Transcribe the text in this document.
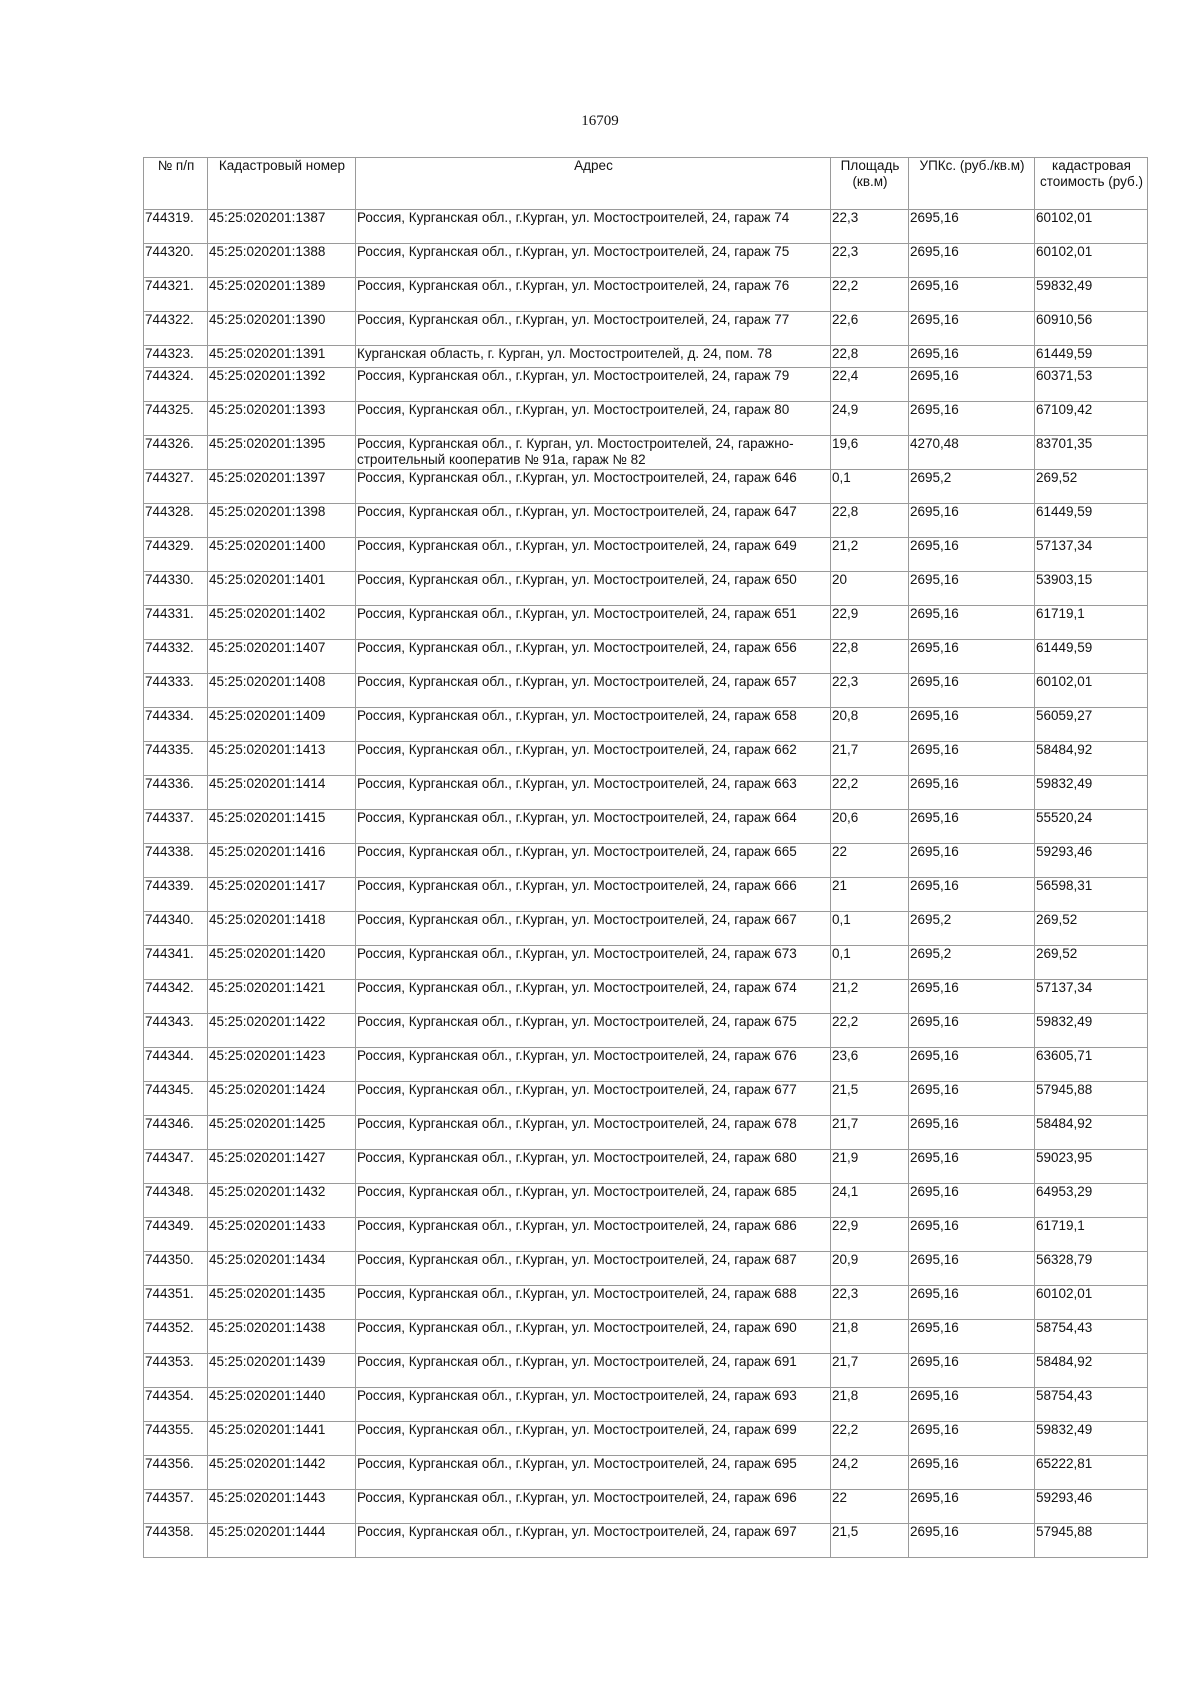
16709
№ п/п	Кадастровый номер	Адрес	Площадь (кв.м)	УПКс. (руб./кв.м)	кадастровая стоимость (руб.)
744319.	45:25:020201:1387	Россия, Курганская обл., г.Курган, ул. Мостостроителей, 24, гараж 74	22,3	2695,16	60102,01
744320.	45:25:020201:1388	Россия, Курганская обл., г.Курган, ул. Мостостроителей, 24, гараж 75	22,3	2695,16	60102,01
744321.	45:25:020201:1389	Россия, Курганская обл., г.Курган, ул. Мостостроителей, 24, гараж 76	22,2	2695,16	59832,49
744322.	45:25:020201:1390	Россия, Курганская обл., г.Курган, ул. Мостостроителей, 24, гараж 77	22,6	2695,16	60910,56
744323.	45:25:020201:1391	Курганская область, г. Курган, ул. Мостостроителей, д. 24, пом. 78	22,8	2695,16	61449,59
744324.	45:25:020201:1392	Россия, Курганская обл., г.Курган, ул. Мостостроителей, 24, гараж 79	22,4	2695,16	60371,53
744325.	45:25:020201:1393	Россия, Курганская обл., г.Курган, ул. Мостостроителей, 24, гараж 80	24,9	2695,16	67109,42
744326.	45:25:020201:1395	Россия, Курганская обл., г. Курган, ул. Мостостроителей, 24, гаражно-строительный кооператив № 91а, гараж № 82	19,6	4270,48	83701,35
744327.	45:25:020201:1397	Россия, Курганская обл., г.Курган, ул. Мостостроителей, 24, гараж 646	0,1	2695,2	269,52
744328.	45:25:020201:1398	Россия, Курганская обл., г.Курган, ул. Мостостроителей, 24, гараж 647	22,8	2695,16	61449,59
744329.	45:25:020201:1400	Россия, Курганская обл., г.Курган, ул. Мостостроителей, 24, гараж 649	21,2	2695,16	57137,34
744330.	45:25:020201:1401	Россия, Курганская обл., г.Курган, ул. Мостостроителей, 24, гараж 650	20	2695,16	53903,15
744331.	45:25:020201:1402	Россия, Курганская обл., г.Курган, ул. Мостостроителей, 24, гараж 651	22,9	2695,16	61719,1
744332.	45:25:020201:1407	Россия, Курганская обл., г.Курган, ул. Мостостроителей, 24, гараж 656	22,8	2695,16	61449,59
744333.	45:25:020201:1408	Россия, Курганская обл., г.Курган, ул. Мостостроителей, 24, гараж 657	22,3	2695,16	60102,01
744334.	45:25:020201:1409	Россия, Курганская обл., г.Курган, ул. Мостостроителей, 24, гараж 658	20,8	2695,16	56059,27
744335.	45:25:020201:1413	Россия, Курганская обл., г.Курган, ул. Мостостроителей, 24, гараж 662	21,7	2695,16	58484,92
744336.	45:25:020201:1414	Россия, Курганская обл., г.Курган, ул. Мостостроителей, 24, гараж 663	22,2	2695,16	59832,49
744337.	45:25:020201:1415	Россия, Курганская обл., г.Курган, ул. Мостостроителей, 24, гараж 664	20,6	2695,16	55520,24
744338.	45:25:020201:1416	Россия, Курганская обл., г.Курган, ул. Мостостроителей, 24, гараж 665	22	2695,16	59293,46
744339.	45:25:020201:1417	Россия, Курганская обл., г.Курган, ул. Мостостроителей, 24, гараж 666	21	2695,16	56598,31
744340.	45:25:020201:1418	Россия, Курганская обл., г.Курган, ул. Мостостроителей, 24, гараж 667	0,1	2695,2	269,52
744341.	45:25:020201:1420	Россия, Курганская обл., г.Курган, ул. Мостостроителей, 24, гараж 673	0,1	2695,2	269,52
744342.	45:25:020201:1421	Россия, Курганская обл., г.Курган, ул. Мостостроителей, 24, гараж 674	21,2	2695,16	57137,34
744343.	45:25:020201:1422	Россия, Курганская обл., г.Курган, ул. Мостостроителей, 24, гараж 675	22,2	2695,16	59832,49
744344.	45:25:020201:1423	Россия, Курганская обл., г.Курган, ул. Мостостроителей, 24, гараж 676	23,6	2695,16	63605,71
744345.	45:25:020201:1424	Россия, Курганская обл., г.Курган, ул. Мостостроителей, 24, гараж 677	21,5	2695,16	57945,88
744346.	45:25:020201:1425	Россия, Курганская обл., г.Курган, ул. Мостостроителей, 24, гараж 678	21,7	2695,16	58484,92
744347.	45:25:020201:1427	Россия, Курганская обл., г.Курган, ул. Мостостроителей, 24, гараж 680	21,9	2695,16	59023,95
744348.	45:25:020201:1432	Россия, Курганская обл., г.Курган, ул. Мостостроителей, 24, гараж 685	24,1	2695,16	64953,29
744349.	45:25:020201:1433	Россия, Курганская обл., г.Курган, ул. Мостостроителей, 24, гараж 686	22,9	2695,16	61719,1
744350.	45:25:020201:1434	Россия, Курганская обл., г.Курган, ул. Мостостроителей, 24, гараж 687	20,9	2695,16	56328,79
744351.	45:25:020201:1435	Россия, Курганская обл., г.Курган, ул. Мостостроителей, 24, гараж 688	22,3	2695,16	60102,01
744352.	45:25:020201:1438	Россия, Курганская обл., г.Курган, ул. Мостостроителей, 24, гараж 690	21,8	2695,16	58754,43
744353.	45:25:020201:1439	Россия, Курганская обл., г.Курган, ул. Мостостроителей, 24, гараж 691	21,7	2695,16	58484,92
744354.	45:25:020201:1440	Россия, Курганская обл., г.Курган, ул. Мостостроителей, 24, гараж 693	21,8	2695,16	58754,43
744355.	45:25:020201:1441	Россия, Курганская обл., г.Курган, ул. Мостостроителей, 24, гараж 699	22,2	2695,16	59832,49
744356.	45:25:020201:1442	Россия, Курганская обл., г.Курган, ул. Мостостроителей, 24, гараж 695	24,2	2695,16	65222,81
744357.	45:25:020201:1443	Россия, Курганская обл., г.Курган, ул. Мостостроителей, 24, гараж 696	22	2695,16	59293,46
744358.	45:25:020201:1444	Россия, Курганская обл., г.Курган, ул. Мостостроителей, 24, гараж 697	21,5	2695,16	57945,88
